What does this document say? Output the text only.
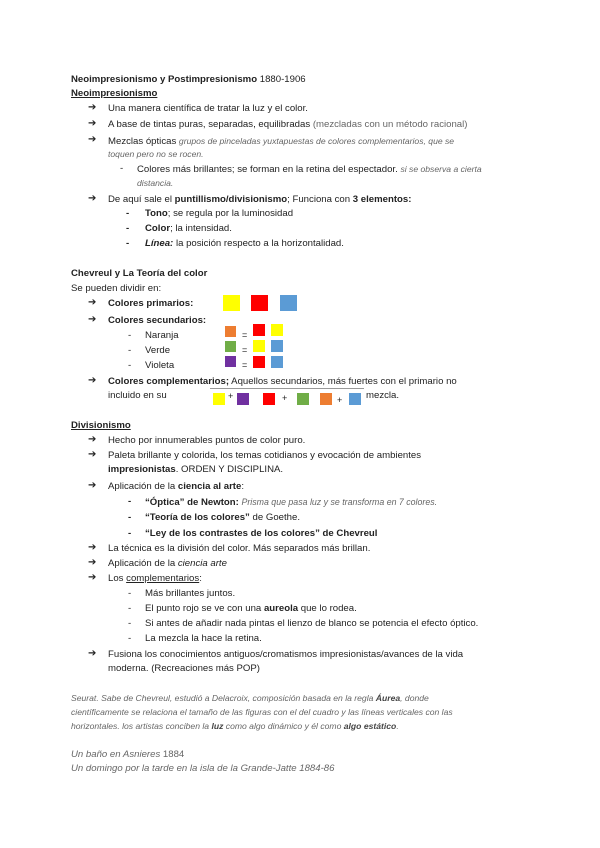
Neoimpresionismo y Postimpresionismo 1880-1906
Neoimpresionismo
➔ Una manera científica de tratar la luz y el color.
➔ A base de tintas puras, separadas, equilibradas (mezcladas con un método racional)
➔ Mezclas ópticas grupos de pinceladas yuxtapuestas de colores complementarios, que se
toquen pero no se rocen.
- Colores más brillantes; se forman en la retina del espectador. si se observa a cierta
distancia.
➔ De aquí sale el puntillismo/divisionismo; Funciona con 3 elementos:
- Tono; se regula por la luminosidad
- Color; la intensidad.
- Línea: la posición respecto a la horizontalidad.
Chevreul y La Teoría del color
Se pueden dividir en:
➔ Colores primarios:
➔ Colores secundarios:
- Naranja	=
- Verde	=
- Violeta	=
➔ Colores complementarios; Aquellos secundarios, más fuertes con el primario no
incluido en su	+	+	+ mezcla.
Divisionismo
➔ Hecho por innumerables puntos de color puro.
➔ Paleta brillante y colorida, los temas cotidianos y evocación de ambientes
impresionistas. ORDEN Y DISCIPLINA.
➔ Aplicación de la ciencia al arte:
- “Óptica” de Newton: Prisma que pasa luz y se transforma en 7 colores.
- “Teoría de los colores” de Goethe.
- “Ley de los contrastes de los colores” de Chevreul
➔ La técnica es la división del color. Más separados más brillan.
➔ Aplicación de la ciencia arte
➔ Los complementarios:
- Más brillantes juntos.
- El punto rojo se ve con una aureola que lo rodea.
- Si antes de añadir nada pintas el lienzo de blanco se potencia el efecto óptico.
- La mezcla la hace la retina.
➔ Fusiona los conocimientos antiguos/cromatismos impresionistas/avances de la vida
moderna. (Recreaciones más POP)
Seurat. Sabe de Chevreul, estudió a Delacroix, composición basada en la regla Áurea, donde
científicamente se relaciona el tamaño de las figuras con el del cuadro y las líneas verticales con las
horizontales. los artistas conciben la luz como algo dinámico y él como algo estático.
Un baño en Asnieres 1884
Un domingo por la tarde en la isla de la Grande-Jatte 1884-86
